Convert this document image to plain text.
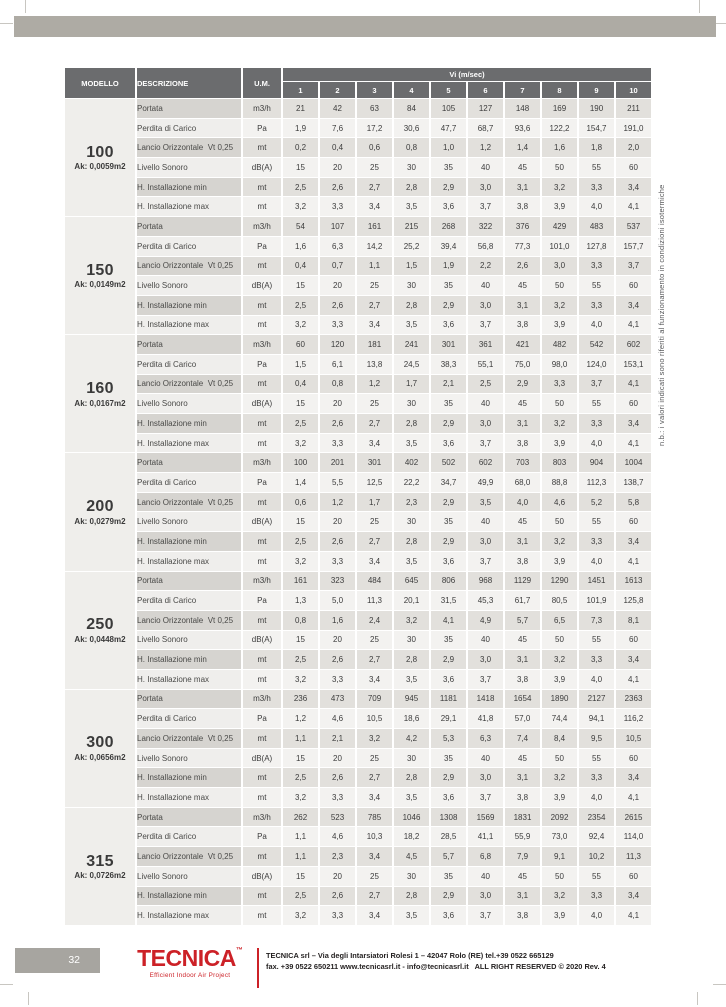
n.b.: i valori indicati sono riferiti al funzionamento in condizioni isotermiche
MODELLO	DESCRIZIONE	U.M.	Vi (m/sec)									
			1	2	3	4	5	6	7	8	9	10

100
Ak: 0,0059m2	Portata	m3/h	21	42	63	84	105	127	148	169	190	211
	Perdita di Carico	Pa	1,9	7,6	17,2	30,6	47,7	68,7	93,6	122,2	154,7	191,0
	Lancio Orizzontale  Vt 0,25	mt	0,2	0,4	0,6	0,8	1,0	1,2	1,4	1,6	1,8	2,0
	Livello Sonoro	dB(A)	15	20	25	30	35	40	45	50	55	60
	H. Installazione min	mt	2,5	2,6	2,7	2,8	2,9	3,0	3,1	3,2	3,3	3,4
	H. Installazione max	mt	3,2	3,3	3,4	3,5	3,6	3,7	3,8	3,9	4,0	4,1

150
Ak: 0,0149m2	Portata	m3/h	54	107	161	215	268	322	376	429	483	537
	Perdita di Carico	Pa	1,6	6,3	14,2	25,2	39,4	56,8	77,3	101,0	127,8	157,7
	Lancio Orizzontale  Vt 0,25	mt	0,4	0,7	1,1	1,5	1,9	2,2	2,6	3,0	3,3	3,7
	Livello Sonoro	dB(A)	15	20	25	30	35	40	45	50	55	60
	H. Installazione min	mt	2,5	2,6	2,7	2,8	2,9	3,0	3,1	3,2	3,3	3,4
	H. Installazione max	mt	3,2	3,3	3,4	3,5	3,6	3,7	3,8	3,9	4,0	4,1

160
Ak: 0,0167m2	Portata	m3/h	60	120	181	241	301	361	421	482	542	602
	Perdita di Carico	Pa	1,5	6,1	13,8	24,5	38,3	55,1	75,0	98,0	124,0	153,1
	Lancio Orizzontale  Vt 0,25	mt	0,4	0,8	1,2	1,7	2,1	2,5	2,9	3,3	3,7	4,1
	Livello Sonoro	dB(A)	15	20	25	30	35	40	45	50	55	60
	H. Installazione min	mt	2,5	2,6	2,7	2,8	2,9	3,0	3,1	3,2	3,3	3,4
	H. Installazione max	mt	3,2	3,3	3,4	3,5	3,6	3,7	3,8	3,9	4,0	4,1

200
Ak: 0,0279m2	Portata	m3/h	100	201	301	402	502	602	703	803	904	1004
	Perdita di Carico	Pa	1,4	5,5	12,5	22,2	34,7	49,9	68,0	88,8	112,3	138,7
	Lancio Orizzontale  Vt 0,25	mt	0,6	1,2	1,7	2,3	2,9	3,5	4,0	4,6	5,2	5,8
	Livello Sonoro	dB(A)	15	20	25	30	35	40	45	50	55	60
	H. Installazione min	mt	2,5	2,6	2,7	2,8	2,9	3,0	3,1	3,2	3,3	3,4
	H. Installazione max	mt	3,2	3,3	3,4	3,5	3,6	3,7	3,8	3,9	4,0	4,1

250
Ak: 0,0448m2	Portata	m3/h	161	323	484	645	806	968	1129	1290	1451	1613
	Perdita di Carico	Pa	1,3	5,0	11,3	20,1	31,5	45,3	61,7	80,5	101,9	125,8
	Lancio Orizzontale  Vt 0,25	mt	0,8	1,6	2,4	3,2	4,1	4,9	5,7	6,5	7,3	8,1
	Livello Sonoro	dB(A)	15	20	25	30	35	40	45	50	55	60
	H. Installazione min	mt	2,5	2,6	2,7	2,8	2,9	3,0	3,1	3,2	3,3	3,4
	H. Installazione max	mt	3,2	3,3	3,4	3,5	3,6	3,7	3,8	3,9	4,0	4,1

300
Ak: 0,0656m2	Portata	m3/h	236	473	709	945	1181	1418	1654	1890	2127	2363
	Perdita di Carico	Pa	1,2	4,6	10,5	18,6	29,1	41,8	57,0	74,4	94,1	116,2
	Lancio Orizzontale  Vt 0,25	mt	1,1	2,1	3,2	4,2	5,3	6,3	7,4	8,4	9,5	10,5
	Livello Sonoro	dB(A)	15	20	25	30	35	40	45	50	55	60
	H. Installazione min	mt	2,5	2,6	2,7	2,8	2,9	3,0	3,1	3,2	3,3	3,4
	H. Installazione max	mt	3,2	3,3	3,4	3,5	3,6	3,7	3,8	3,9	4,0	4,1

315
Ak: 0,0726m2	Portata	m3/h	262	523	785	1046	1308	1569	1831	2092	2354	2615
	Perdita di Carico	Pa	1,1	4,6	10,3	18,2	28,5	41,1	55,9	73,0	92,4	114,0
	Lancio Orizzontale  Vt 0,25	mt	1,1	2,3	3,4	4,5	5,7	6,8	7,9	9,1	10,2	11,3
	Livello Sonoro	dB(A)	15	20	25	30	35	40	45	50	55	60
	H. Installazione min	mt	2,5	2,6	2,7	2,8	2,9	3,0	3,1	3,2	3,3	3,4
	H. Installazione max	mt	3,2	3,3	3,4	3,5	3,6	3,7	3,8	3,9	4,0	4,1
32	TECNICA™
Efficient Indoor Air Project
TECNICA srl – Via degli Intarsiatori Rolesi 1 – 42047 Rolo (RE) tel.+39 0522 665129
fax. +39 0522 650211 www.tecnicasrl.it - info@tecnicasrl.it   ALL RIGHT RESERVED © 2020 Rev. 4
